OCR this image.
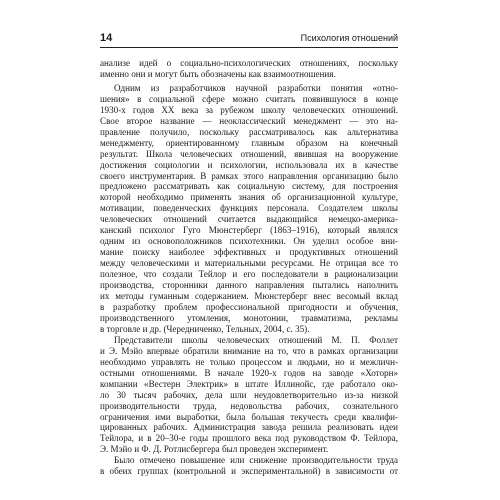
14	Психология отношений

анализе идей о социально-психологических отношениях, поскольку
именно они и могут быть обозначены как взаимоотношения.

Одним из разработчиков научной разработки понятия «отно-
шения» в социальной сфере можно считать появившуюся в конце
1930-х годов XX века за рубежом школу человеческих отношений.
Свое второе название — неоклассический менеджмент — это на-
правление получило, поскольку рассматривалось как альтернатива
менеджменту, ориентированному главным образом на конечный
результат. Школа человеческих отношений, явившая на вооружение
достижения социологии и психологии, использовала их в качестве
своего инструментария. В рамках этого направления организацию было
предложено рассматривать как социальную систему, для построения
которой необходимо применять знания об организационной культуре,
мотивации, поведенческих функциях персонала. Создателем школы
человеческих отношений считается выдающийся немецко-америка-
канский психолог Гуго Мюнстерберг (1863–1916), который являлся
одним из основоположников психотехники. Он уделил особое вни-
мание поиску наиболее эффективных и продуктивных отношений
между человеческими и материальными ресурсами. Не отрицая все то
полезное, что создали Тейлор и его последователи в рационализации
производства, сторонники данного направления пытались наполнить
их методы гуманным содержанием. Мюнстерберг внес весомый вклад
в разработку проблем профессиональной пригодности и обучения,
производственного утомления, монотонии, травматизма, рекламы
в торговле и др. (Чередниченко, Тельных, 2004, с. 35).

Представители школы человеческих отношений М. П. Фоллет
и Э. Мэйо впервые обратили внимание на то, что в рамках организации
необходимо управлять не только процессом и людьми, но и межличн-
остными отношениями. В начале 1920-х годов на заводе «Хоторн»
компании «Вестерн Электрик» в штате Иллинойс, где работало око-
ло 30 тысяч рабочих, дела шли неудовлетворительно из-за низкой
производительности труда, недовольства рабочих, сознательного
ограничения ими выработки, была большая текучесть среди квалифи-
цированных рабочих. Администрация завода решила реализовать идеи
Тейлора, и в 20–30-е годы прошлого века под руководством Ф. Тейлора,
Э. Мэйо и Ф. Д. Ротлисбергера был проведен эксперимент.

Было отмечено повышение или снижение производительности труда
в обеих группах (контрольной и экспериментальной) в зависимости от
